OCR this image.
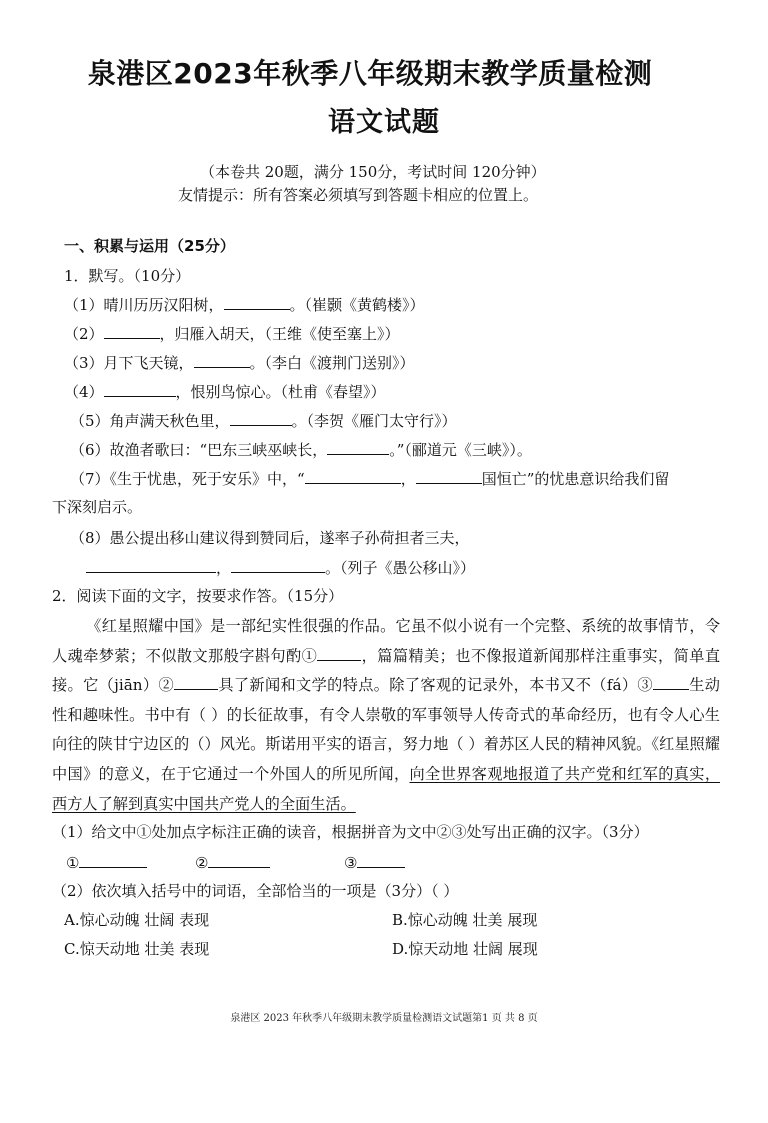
泉港区2023年秋季八年级期末教学质量检测
语文试题
（本卷共 20题，满分 150分，考试时间 120分钟）
友情提示：所有答案必须填写到答题卡相应的位置上。
一、积累与运用（25分）
1．默写。（10分）
（1）晴川历历汉阳树，	。（崔颢《黄鹤楼》）
（2）	，归雁入胡天，（王维《使至塞上》）
（3）月下飞天镜，	。（李白《渡荆门送别》）
（4）	，恨别鸟惊心。（杜甫《春望》）
（5）角声满天秋色里，	。（李贺《雁门太守行》）
（6）故渔者歌曰：“巴东三峡巫峡长，	。”（郦道元《三峡》）。
（7）《生于忧患，死于安乐》中，“	，	国恒亡”的忧患意识给我们留
下深刻启示。
（8）愚公提出移山建议得到赞同后，遂率子孙荷担者三夫，
，	。（列子《愚公移山》）
2．阅读下面的文字，按要求作答。（15分）
《红星照耀中国》是一部纪实性很强的作品。它虽不似小说有一个完整、系统的故事情节，令人魂牵梦萦；不似散文那般字斟句酌①	，篇篇精美；也不像报道新闻那样注重事实，简单直接。它（jiān）②	具了新闻和文学的特点。除了客观的记录外，本书又不（fá）③ 生动性和趣味性。书中有（ ）的长征故事，有令人崇敬的军事领导人传奇式的革命经历，也有令人心生向往的陕甘宁边区的（）风光。斯诺用平实的语言，努力地（ ）着苏区人民的精神风貌。《红星照耀中国》的意义，在于它通过一个外国人的所见所闻，向全世界客观地报道了共产党和红军的真实，西方人了解到真实中国共产党人的全面生活。
（1）给文中①处加点字标注正确的读音，根据拼音为文中②③处写出正确的汉字。（3分）
①	②	③
（2）依次填入括号中的词语，全部恰当的一项是（3分）（ ）
A.惊心动魄 壮阔 表现	B.惊心动魄 壮美 展现
C.惊天动地 壮美 表现	D.惊天动地 壮阔 展现
泉港区 2023 年秋季八年级期末教学质量检测语文试题第1 页 共 8 页
